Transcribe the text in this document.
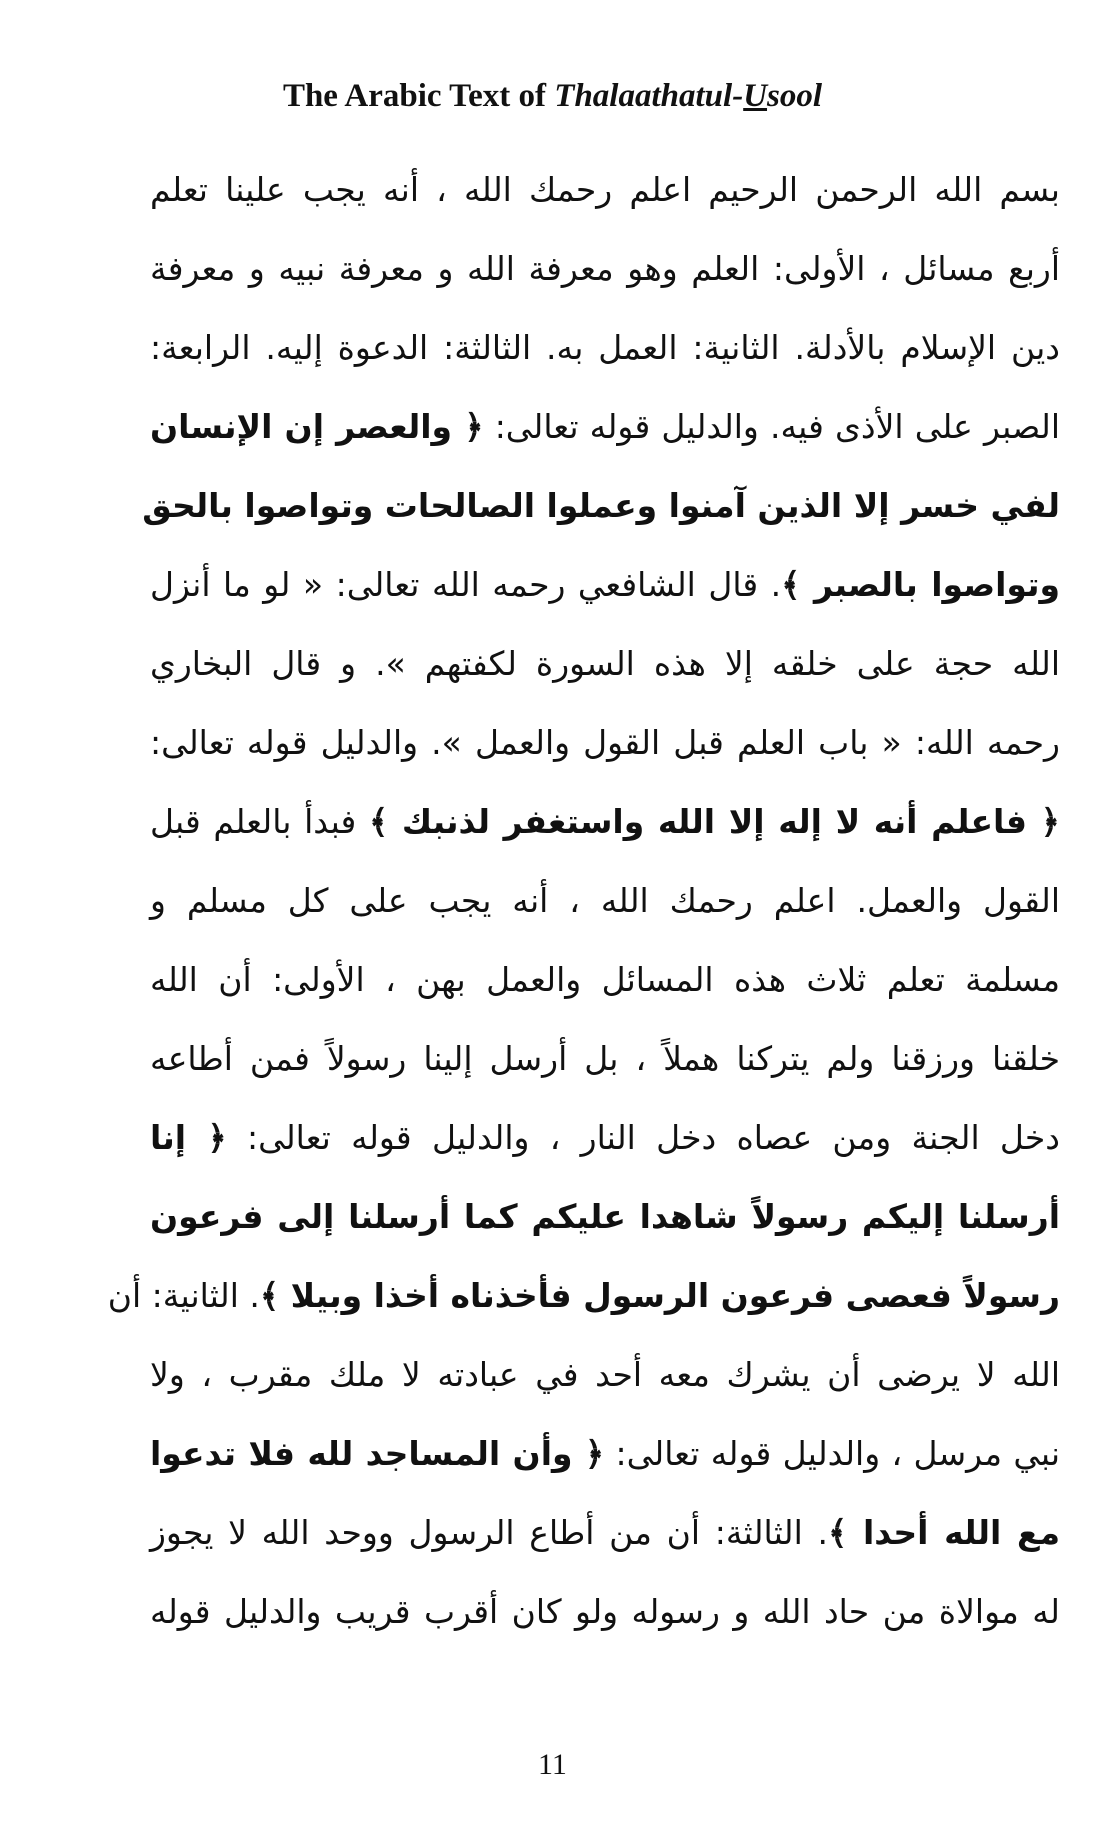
The Arabic Text of Thalaathatul-Usool
بسم الله الرحمن الرحيم اعلم رحمك الله ، أنه يجب علينا تعلم
أربع مسائل ، الأولى: العلم وهو معرفة الله و معرفة نبيه و معرفة
دين الإسلام بالأدلة. الثانية: العمل به. الثالثة: الدعوة إليه. الرابعة:
الصبر على الأذى فيه. والدليل قوله تعالى: ﴿ والعصر إن الإنسان
لفي خسر إلا الذين آمنوا وعملوا الصالحات وتواصوا بالحق
وتواصوا بالصبر ﴾. قال الشافعي رحمه الله تعالى: « لو ما أنزل
الله حجة على خلقه إلا هذه السورة لكفتهم ». و قال البخاري
رحمه الله: « باب العلم قبل القول والعمل ». والدليل قوله تعالى:
﴿ فاعلم أنه لا إله إلا الله واستغفر لذنبك ﴾ فبدأ بالعلم قبل
القول والعمل. اعلم رحمك الله ، أنه يجب على كل مسلم و
مسلمة تعلم ثلاث هذه المسائل والعمل بهن ، الأولى: أن الله
خلقنا ورزقنا ولم يتركنا هملاً ، بل أرسل إلينا رسولاً فمن أطاعه
دخل الجنة ومن عصاه دخل النار ، والدليل قوله تعالى: ﴿ إنا
أرسلنا إليكم رسولاً شاهدا عليكم كما أرسلنا إلى فرعون
رسولاً فعصى فرعون الرسول فأخذناه أخذا وبيلا ﴾. الثانية: أن
الله لا يرضى أن يشرك معه أحد في عبادته لا ملك مقرب ، ولا
نبي مرسل ، والدليل قوله تعالى: ﴿ وأن المساجد لله فلا تدعوا
مع الله أحدا ﴾. الثالثة: أن من أطاع الرسول ووحد الله لا يجوز
له موالاة من حاد الله و رسوله ولو كان أقرب قريب والدليل قوله
11
